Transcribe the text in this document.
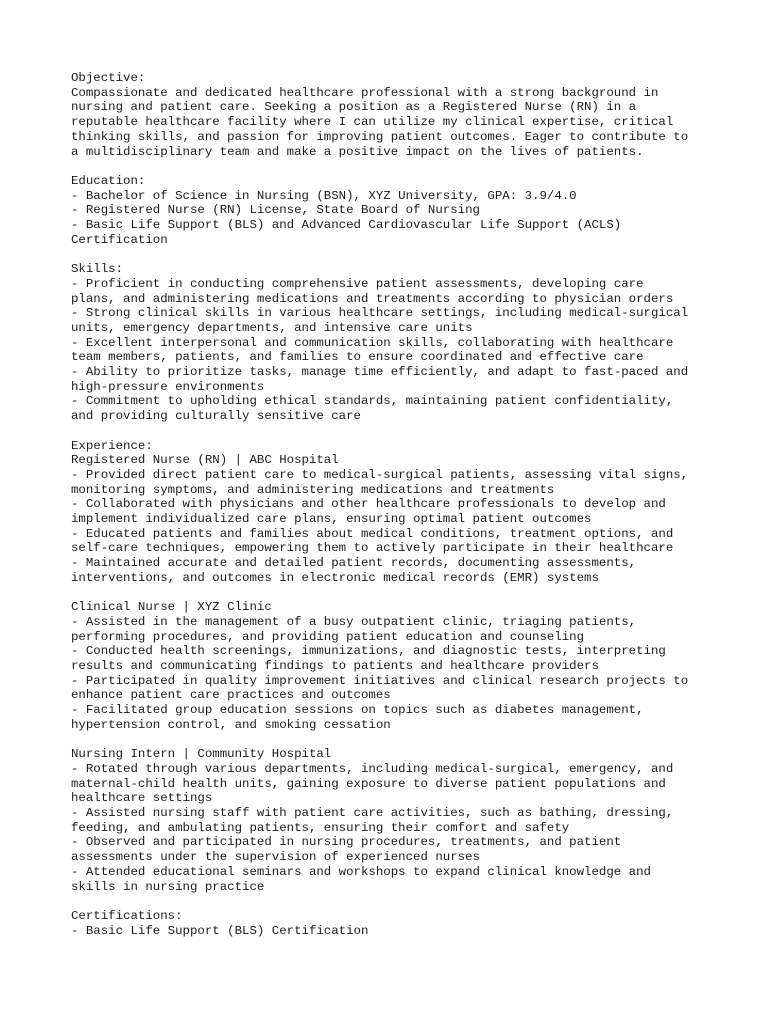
Objective:
Compassionate and dedicated healthcare professional with a strong background in
nursing and patient care. Seeking a position as a Registered Nurse (RN) in a
reputable healthcare facility where I can utilize my clinical expertise, critical
thinking skills, and passion for improving patient outcomes. Eager to contribute to
a multidisciplinary team and make a positive impact on the lives of patients.
Education:
- Bachelor of Science in Nursing (BSN), XYZ University, GPA: 3.9/4.0
- Registered Nurse (RN) License, State Board of Nursing
- Basic Life Support (BLS) and Advanced Cardiovascular Life Support (ACLS)
Certification
Skills:
- Proficient in conducting comprehensive patient assessments, developing care
plans, and administering medications and treatments according to physician orders
- Strong clinical skills in various healthcare settings, including medical-surgical
units, emergency departments, and intensive care units
- Excellent interpersonal and communication skills, collaborating with healthcare
team members, patients, and families to ensure coordinated and effective care
- Ability to prioritize tasks, manage time efficiently, and adapt to fast-paced and
high-pressure environments
- Commitment to upholding ethical standards, maintaining patient confidentiality,
and providing culturally sensitive care
Experience:
Registered Nurse (RN) | ABC Hospital
- Provided direct patient care to medical-surgical patients, assessing vital signs,
monitoring symptoms, and administering medications and treatments
- Collaborated with physicians and other healthcare professionals to develop and
implement individualized care plans, ensuring optimal patient outcomes
- Educated patients and families about medical conditions, treatment options, and
self-care techniques, empowering them to actively participate in their healthcare
- Maintained accurate and detailed patient records, documenting assessments,
interventions, and outcomes in electronic medical records (EMR) systems
Clinical Nurse | XYZ Clinic
- Assisted in the management of a busy outpatient clinic, triaging patients,
performing procedures, and providing patient education and counseling
- Conducted health screenings, immunizations, and diagnostic tests, interpreting
results and communicating findings to patients and healthcare providers
- Participated in quality improvement initiatives and clinical research projects to
enhance patient care practices and outcomes
- Facilitated group education sessions on topics such as diabetes management,
hypertension control, and smoking cessation
Nursing Intern | Community Hospital
- Rotated through various departments, including medical-surgical, emergency, and
maternal-child health units, gaining exposure to diverse patient populations and
healthcare settings
- Assisted nursing staff with patient care activities, such as bathing, dressing,
feeding, and ambulating patients, ensuring their comfort and safety
- Observed and participated in nursing procedures, treatments, and patient
assessments under the supervision of experienced nurses
- Attended educational seminars and workshops to expand clinical knowledge and
skills in nursing practice
Certifications:
- Basic Life Support (BLS) Certification
